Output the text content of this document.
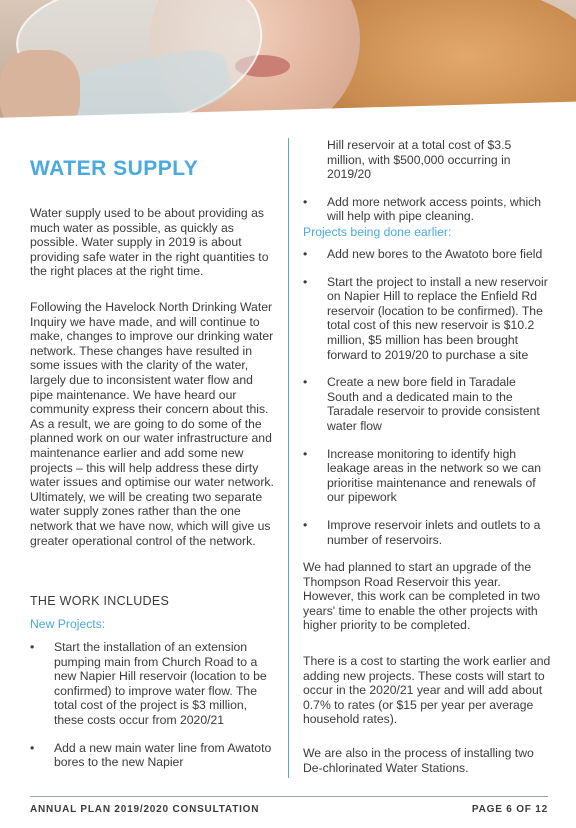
WATER SUPPLY

Water supply used to be about providing as much water as possible, as quickly as possible. Water supply in 2019 is about providing safe water in the right quantities to the right places at the right time.

Following the Havelock North Drinking Water Inquiry we have made, and will continue to make, changes to improve our drinking water network. These changes have resulted in some issues with the clarity of the water, largely due to inconsistent water flow and pipe maintenance. We have heard our community express their concern about this. As a result, we are going to do some of the planned work on our water infrastructure and maintenance earlier and add some new projects – this will help address these dirty water issues and optimise our water network. Ultimately, we will be creating two separate water supply zones rather than the one network that we have now, which will give us greater operational control of the network.

THE WORK INCLUDES
New Projects:
• Start the installation of an extension pumping main from Church Road to a new Napier Hill reservoir (location to be confirmed) to improve water flow. The total cost of the project is $3 million, these costs occur from 2020/21
• Add a new main water line from Awatoto bores to the new Napier
Hill reservoir at a total cost of $3.5 million, with $500,000 occurring in 2019/20
• Add more network access points, which will help with pipe cleaning.
Projects being done earlier:
• Add new bores to the Awatoto bore field
• Start the project to install a new reservoir on Napier Hill to replace the Enfield Rd reservoir (location to be confirmed). The total cost of this new reservoir is $10.2 million, $5 million has been brought forward to 2019/20 to purchase a site
• Create a new bore field in Taradale South and a dedicated main to the Taradale reservoir to provide consistent water flow
• Increase monitoring to identify high leakage areas in the network so we can prioritise maintenance and renewals of our pipework
• Improve reservoir inlets and outlets to a number of reservoirs.

We had planned to start an upgrade of the Thompson Road Reservoir this year. However, this work can be completed in two years' time to enable the other projects with higher priority to be completed.

There is a cost to starting the work earlier and adding new projects. These costs will start to occur in the 2020/21 year and will add about 0.7% to rates (or $15 per year per average household rates).

We are also in the process of installing two De-chlorinated Water Stations.

ANNUAL PLAN 2019/2020 CONSULTATION	PAGE 6 OF 12
